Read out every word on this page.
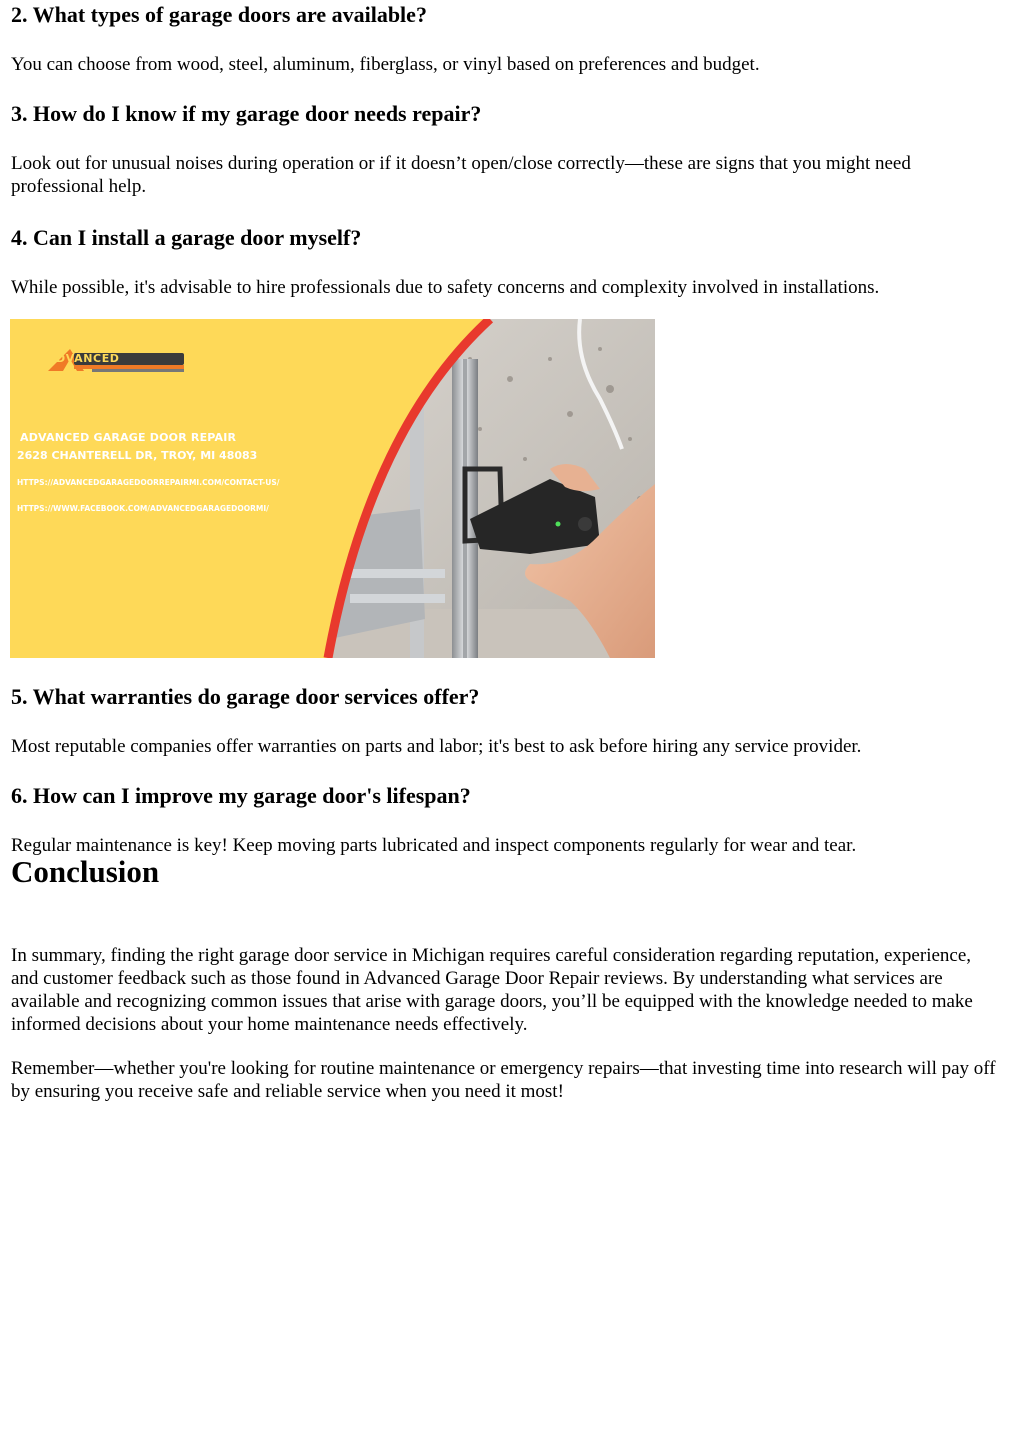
2. What types of garage doors are available?

You can choose from wood, steel, aluminum, fiberglass, or vinyl based on preferences and budget.

3. How do I know if my garage door needs repair?

Look out for unusual noises during operation or if it doesn’t open/close correctly—these are signs that you might need professional help.

4. Can I install a garage door myself?

While possible, it's advisable to hire professionals due to safety concerns and complexity involved in installations.

DVANCED
ADVANCED GARAGE DOOR REPAIR
2628 CHANTERELL DR, TROY, MI 48083
HTTPS://ADVANCEDGARAGEDOORREPAIRMI.COM/CONTACT-US/
HTTPS://WWW.FACEBOOK.COM/ADVANCEDGARAGEDOORMI/
5. What warranties do garage door services offer?

Most reputable companies offer warranties on parts and labor; it's best to ask before hiring any service provider.

6. How can I improve my garage door's lifespan?

Regular maintenance is key! Keep moving parts lubricated and inspect components regularly for wear and tear.

Conclusion

In summary, finding the right garage door service in Michigan requires careful consideration regarding reputation, experience, and customer feedback such as those found in Advanced Garage Door Repair reviews. By understanding what services are available and recognizing common issues that arise with garage doors, you’ll be equipped with the knowledge needed to make informed decisions about your home maintenance needs effectively.

Remember—whether you're looking for routine maintenance or emergency repairs—that investing time into research will pay off by ensuring you receive safe and reliable service when you need it most!
